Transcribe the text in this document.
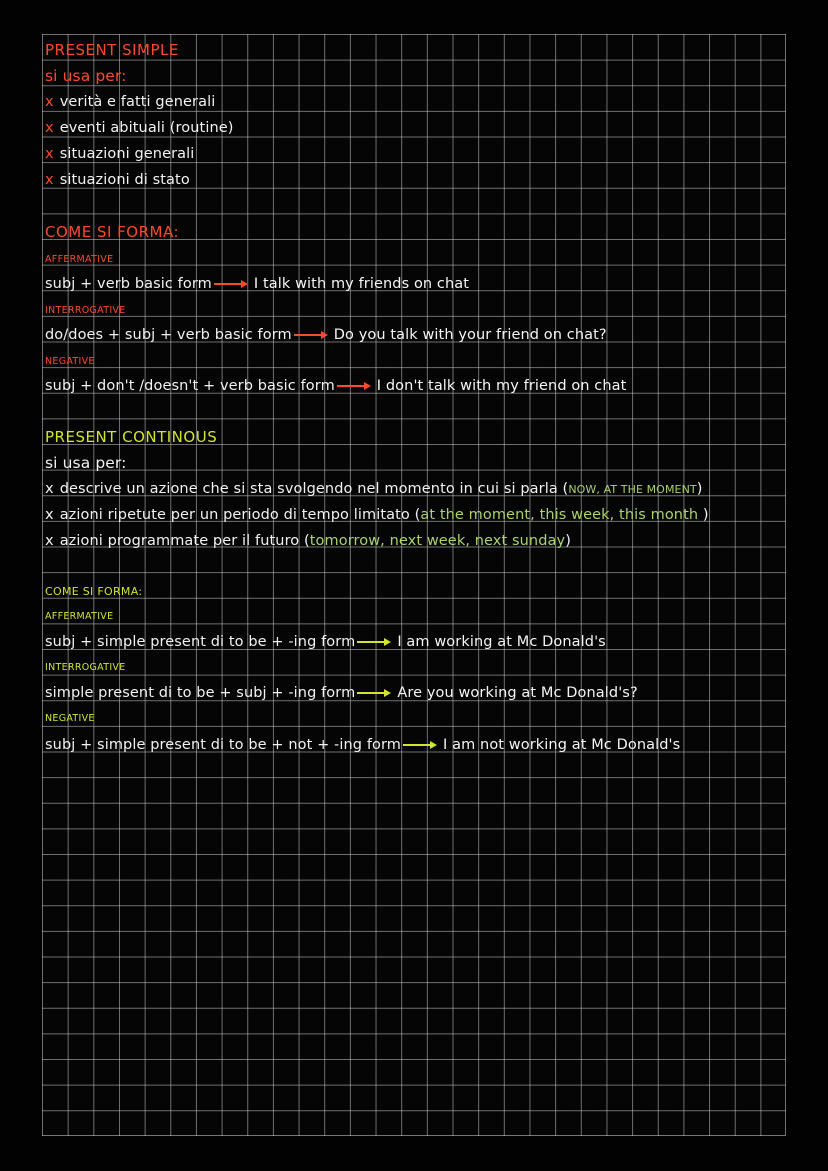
PRESENT SIMPLE
si usa per:
x verità e fatti generali
x eventi abituali (routine)
x situazioni generali
x situazioni di stato
COME SI FORMA:
AFFERMATIVE
subj + verb basic form	I talk with my friends on chat
INTERROGATIVE
do/does + subj + verb basic form	Do you talk with your friend on chat?
NEGATIVE
subj + don't /doesn't + verb basic form	I don't talk with my friend on chat
PRESENT CONTINOUS
si usa per:
x descrive un azione che si sta svolgendo nel momento in cui si parla (NOW, AT THE MOMENT)
x azioni ripetute per un periodo di tempo limitato (at the moment, this week, this month )
x azioni programmate per il futuro (tomorrow, next week, next sunday)
COME SI FORMA:
AFFERMATIVE
subj + simple present di to be + -ing form	I am working at Mc Donald's
INTERROGATIVE
simple present di to be + subj + -ing form	Are you working at Mc Donald's?
NEGATIVE
subj + simple present di to be + not + -ing form	I am not working at Mc Donald's
